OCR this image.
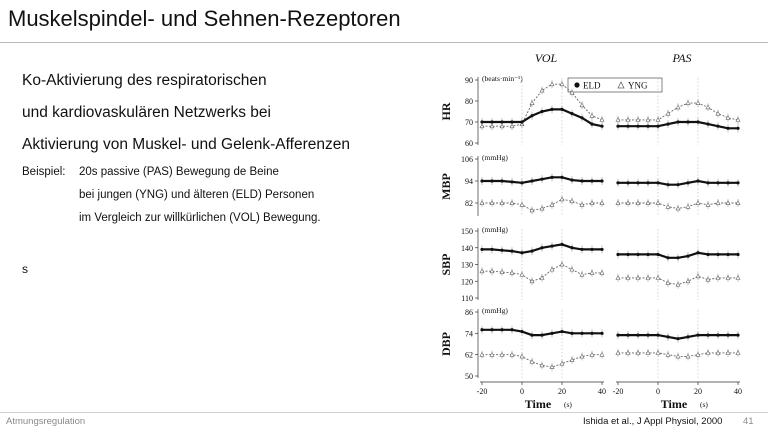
Muskelspindel- und Sehnen-Rezeptoren
Ko-Aktivierung des respiratorischen
und kardiovaskulären Netzwerks bei
Aktivierung von Muskel- und Gelenk-Afferenzen
Beispiel: 20s passive (PAS) Bewegung de Beine
bei jungen (YNG) und älteren (ELD) Personen
im Vergleich zur willkürlichen (VOL) Bewegung.
s
VOL	PAS
ELD	YNG
HR
(beats·min⁻¹)
90
80
70
60
MBP
(mmHg)
106
94
82
SBP
(mmHg)
150
140
130
120
110
DBP
(mmHg)
86
74
62
50
-20	0	20	40
Time (s)
-20	0	20	40
Time (s)
Atmungsregulation	Ishida et al., J Appl Physiol, 2000 41
